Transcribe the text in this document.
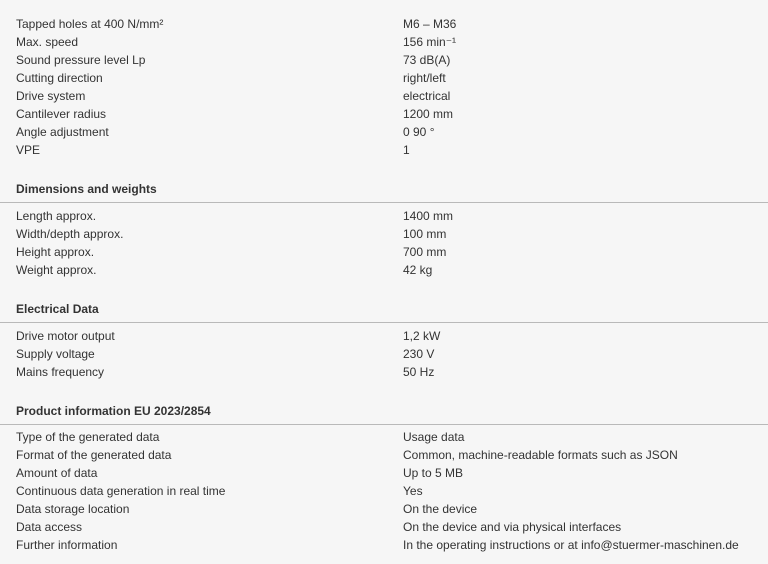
Tapped holes at 400 N/mm²	M6 – M36
Max. speed	156 min⁻¹
Sound pressure level Lp	73 dB(A)
Cutting direction	right/left
Drive system	electrical
Cantilever radius	1200 mm
Angle adjustment	0 90 °
VPE	1
Dimensions and weights
Length approx.	1400 mm
Width/depth approx.	100 mm
Height approx.	700 mm
Weight approx.	42 kg
Electrical Data
Drive motor output	1,2 kW
Supply voltage	230 V
Mains frequency	50 Hz
Product information EU 2023/2854
Type of the generated data	Usage data
Format of the generated data	Common, machine-readable formats such as JSON
Amount of data	Up to 5 MB
Continuous data generation in real time	Yes
Data storage location	On the device
Data access	On the device and via physical interfaces
Further information	In the operating instructions or at info@stuermer-maschinen.de
